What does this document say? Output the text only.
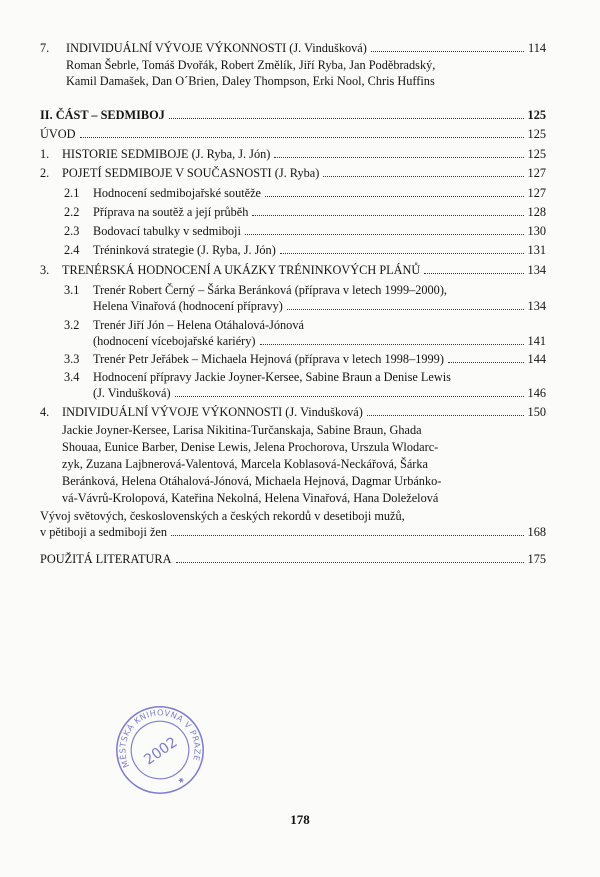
7.	INDIVIDUÁLNÍ VÝVOJE VÝKONNOSTI (J. Vindušková)	114
Roman Šebrle, Tomáš Dvořák, Robert Změlík, Jiří Ryba, Jan Poděbradský,
Kamil Damašek, Dan O´Brien, Daley Thompson, Erki Nool, Chris Huffins
II. ČÁST – SEDMIBOJ	125
ÚVOD	125
1.	HISTORIE SEDMIBOJE (J. Ryba, J. Jón)	125
2.	POJETÍ SEDMIBOJE V SOUČASNOSTI (J. Ryba)	127
2.1	Hodnocení sedmibojařské soutěže	127
2.2	Příprava na soutěž a její průběh	128
2.3	Bodovací tabulky v sedmiboji	130
2.4	Tréninková strategie (J. Ryba, J. Jón)	131
3.	TRENÉRSKÁ HODNOCENÍ A UKÁZKY TRÉNINKOVÝCH PLÁNŮ	134
3.1 Trenér Robert Černý – Šárka Beránková (příprava v letech 1999–2000),
Helena Vinařová (hodnocení přípravy)	134
3.2 Trenér Jiří Jón – Helena Otáhalová-Jónová
(hodnocení vícebojařské kariéry)	141
3.3	Trenér Petr Jeřábek – Michaela Hejnová (příprava v letech 1998–1999)	144
3.4 Hodnocení přípravy Jackie Joyner-Kersee, Sabine Braun a Denise Lewis
(J. Vindušková)	146
4.	INDIVIDUÁLNÍ VÝVOJE VÝKONNOSTI (J. Vindušková)	150
Jackie Joyner-Kersee, Larisa Nikitina-Turčanskaja, Sabine Braun, Ghada
Shouaa, Eunice Barber, Denise Lewis, Jelena Prochorova, Urszula Wlodarc-
zyk, Zuzana Lajbnerová-Valentová, Marcela Koblasová-Neckářová, Šárka
Beránková, Helena Otáhalová-Jónová, Michaela Hejnová, Dagmar Urbánko-
vá-Vávrů-Krolopová, Kateřina Nekolná, Helena Vinařová, Hana Doleželová
Vývoj světových, československých a českých rekordů v desetiboji mužů,
v pětiboji a sedmiboji žen	168
POUŽITÁ LITERATURA	175
MĚSTSKÁ KNIHOVNA V PRAZE
2002
✱
178
